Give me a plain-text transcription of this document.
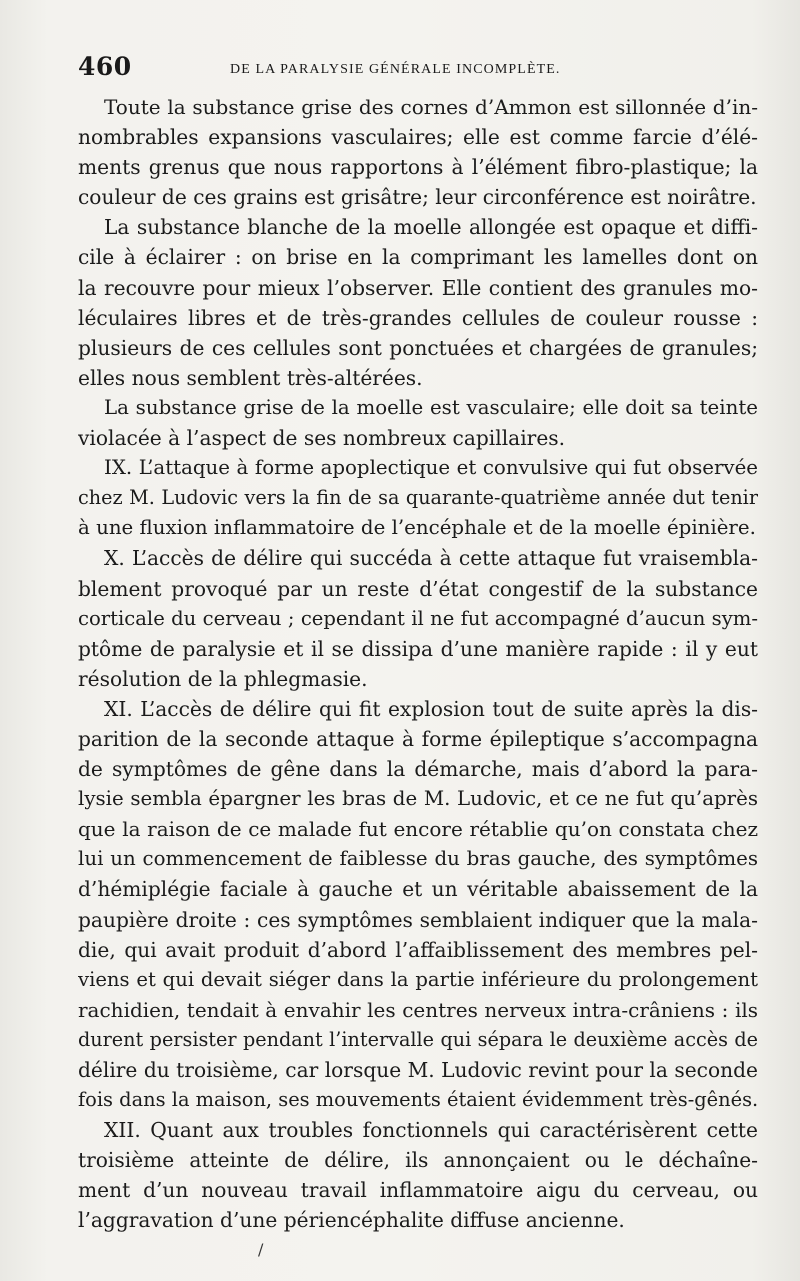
460	DE LA PARALYSIE GÉNÉRALE INCOMPLÈTE.
Toute la substance grise des cornes d’Ammon est sillonnée d’in-
nombrables expansions vasculaires; elle est comme farcie d’élé-
ments grenus que nous rapportons à l’élément fibro-plastique; la
couleur de ces grains est grisâtre; leur circonférence est noirâtre.
La substance blanche de la moelle allongée est opaque et diffi-
cile à éclairer : on brise en la comprimant les lamelles dont on
la recouvre pour mieux l’observer. Elle contient des granules mo-
léculaires libres et de très-grandes cellules de couleur rousse :
plusieurs de ces cellules sont ponctuées et chargées de granules;
elles nous semblent très-altérées.
La substance grise de la moelle est vasculaire; elle doit sa teinte
violacée à l’aspect de ses nombreux capillaires.
IX. L’attaque à forme apoplectique et convulsive qui fut observée
chez M. Ludovic vers la fin de sa quarante-quatrième année dut tenir
à une fluxion inflammatoire de l’encéphale et de la moelle épinière.
X. L’accès de délire qui succéda à cette attaque fut vraisembla-
blement provoqué par un reste d’état congestif de la substance
corticale du cerveau ; cependant il ne fut accompagné d’aucun sym-
ptôme de paralysie et il se dissipa d’une manière rapide : il y eut
résolution de la phlegmasie.
XI. L’accès de délire qui fit explosion tout de suite après la dis-
parition de la seconde attaque à forme épileptique s’accompagna
de symptômes de gêne dans la démarche, mais d’abord la para-
lysie sembla épargner les bras de M. Ludovic, et ce ne fut qu’après
que la raison de ce malade fut encore rétablie qu’on constata chez
lui un commencement de faiblesse du bras gauche, des symptômes
d’hémiplégie faciale à gauche et un véritable abaissement de la
paupière droite : ces symptômes semblaient indiquer que la mala-
die, qui avait produit d’abord l’affaiblissement des membres pel-
viens et qui devait siéger dans la partie inférieure du prolongement
rachidien, tendait à envahir les centres nerveux intra-crâniens : ils
durent persister pendant l’intervalle qui sépara le deuxième accès de
délire du troisième, car lorsque M. Ludovic revint pour la seconde
fois dans la maison, ses mouvements étaient évidemment très-gênés.
XII. Quant aux troubles fonctionnels qui caractérisèrent cette
troisième atteinte de délire, ils annonçaient ou le déchaîne-
ment d’un nouveau travail inflammatoire aigu du cerveau, ou
l’aggravation d’une périencéphalite diffuse ancienne.
/
